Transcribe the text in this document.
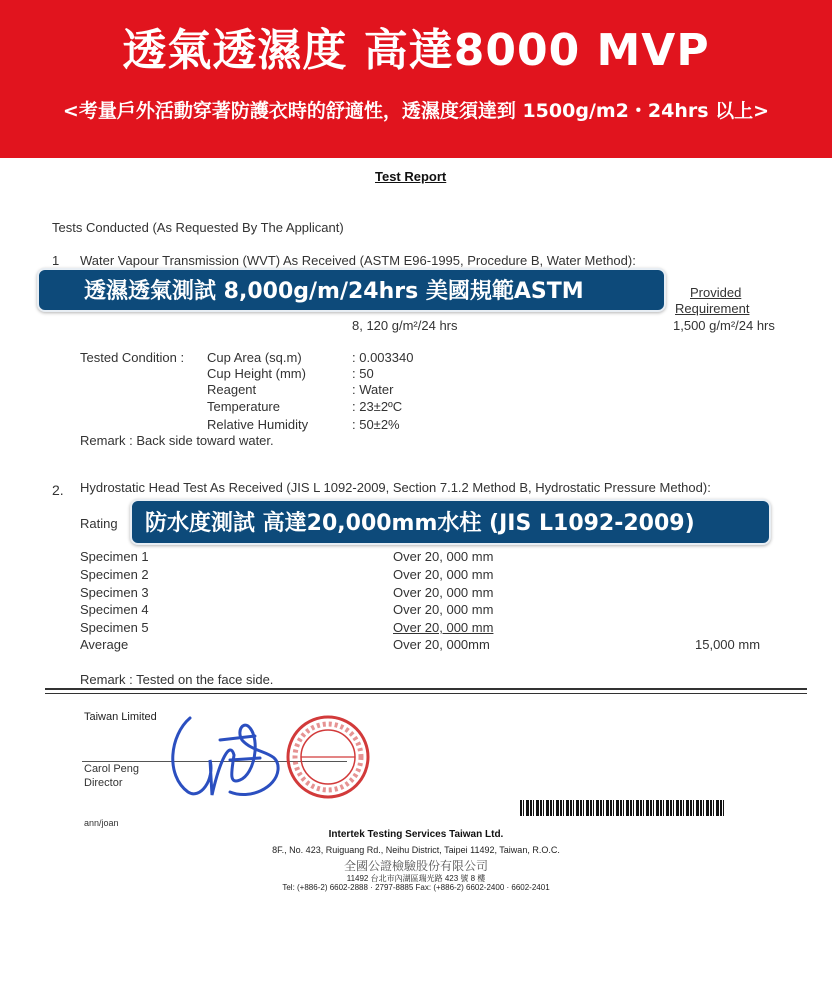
透氣透濕度 高達8000 MVP
<考量戶外活動穿著防護衣時的舒適性，透濕度須達到 1500g/m2・24hrs 以上>
Test Report
Tests Conducted (As Requested By The Applicant)
1 Water Vapour Transmission (WVT) As Received (ASTM E96-1995, Procedure B, Water Method):
Provided
Requirement
8, 120 g/m²/24 hrs	1,500 g/m²/24 hrs
Tested Condition : Cup Area (sq.m)	: 0.003340
Cup Height (mm)	: 50
Reagent	: Water
Temperature	: 23±2ºC
Relative Humidity	: 50±2%
Remark : Back side toward water.
2. Hydrostatic Head Test As Received (JIS L 1092-2009, Section 7.1.2 Method B, Hydrostatic Pressure Method):
Rating
Specimen 1	Over 20, 000 mm
Specimen 2	Over 20, 000 mm
Specimen 3	Over 20, 000 mm
Specimen 4	Over 20, 000 mm
Specimen 5	Over 20, 000 mm
Average	Over 20, 000mm	15,000 mm
Remark : Tested on the face side.
Taiwan Limited
Carol Peng
Director
ann/joan
Intertek Testing Services Taiwan Ltd.
8F., No. 423, Ruiguang Rd., Neihu District, Taipei 11492, Taiwan, R.O.C.
全國公證檢驗股份有限公司
11492 台北市內湖區瑞光路 423 號 8 樓
Tel: (+886-2) 6602-2888 · 2797-8885 Fax: (+886-2) 6602-2400 · 6602-2401
透濕透氣測試 8,000g/m/24hrs 美國規範ASTM
防水度測試 高達20,000mm水柱 (JIS L1092-2009)
